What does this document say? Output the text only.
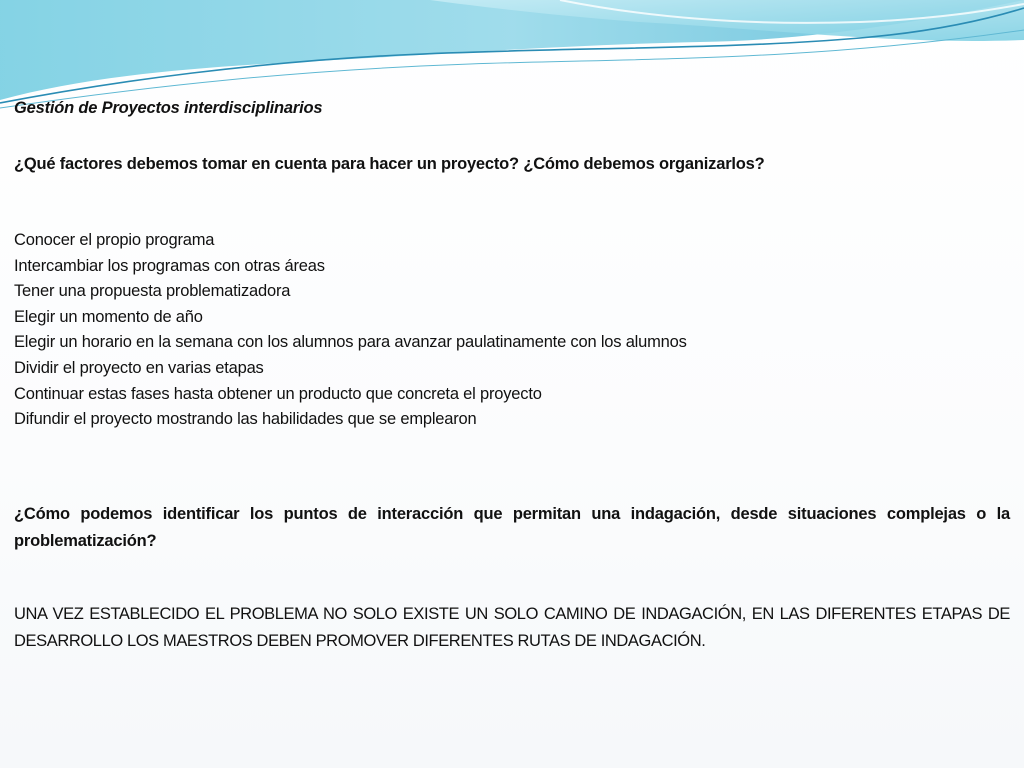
Gestión de Proyectos interdisciplinarios

¿Qué factores debemos tomar en cuenta para hacer un proyecto? ¿Cómo debemos organizarlos?

Conocer el propio programa
Intercambiar los programas con otras áreas
Tener una propuesta problematizadora
Elegir un momento de año
Elegir un horario en la semana con los alumnos para avanzar paulatinamente con los alumnos
Dividir el proyecto en varias etapas
Continuar estas fases hasta obtener un producto que concreta el proyecto
Difundir el proyecto mostrando las habilidades que se emplearon

¿Cómo podemos identificar los puntos de interacción que permitan una indagación, desde situaciones complejas o la problematización?

UNA VEZ ESTABLECIDO EL PROBLEMA NO SOLO EXISTE UN SOLO CAMINO DE INDAGACIÓN, EN LAS DIFERENTES ETAPAS DE DESARROLLO LOS MAESTROS DEBEN PROMOVER DIFERENTES RUTAS DE INDAGACIÓN.
